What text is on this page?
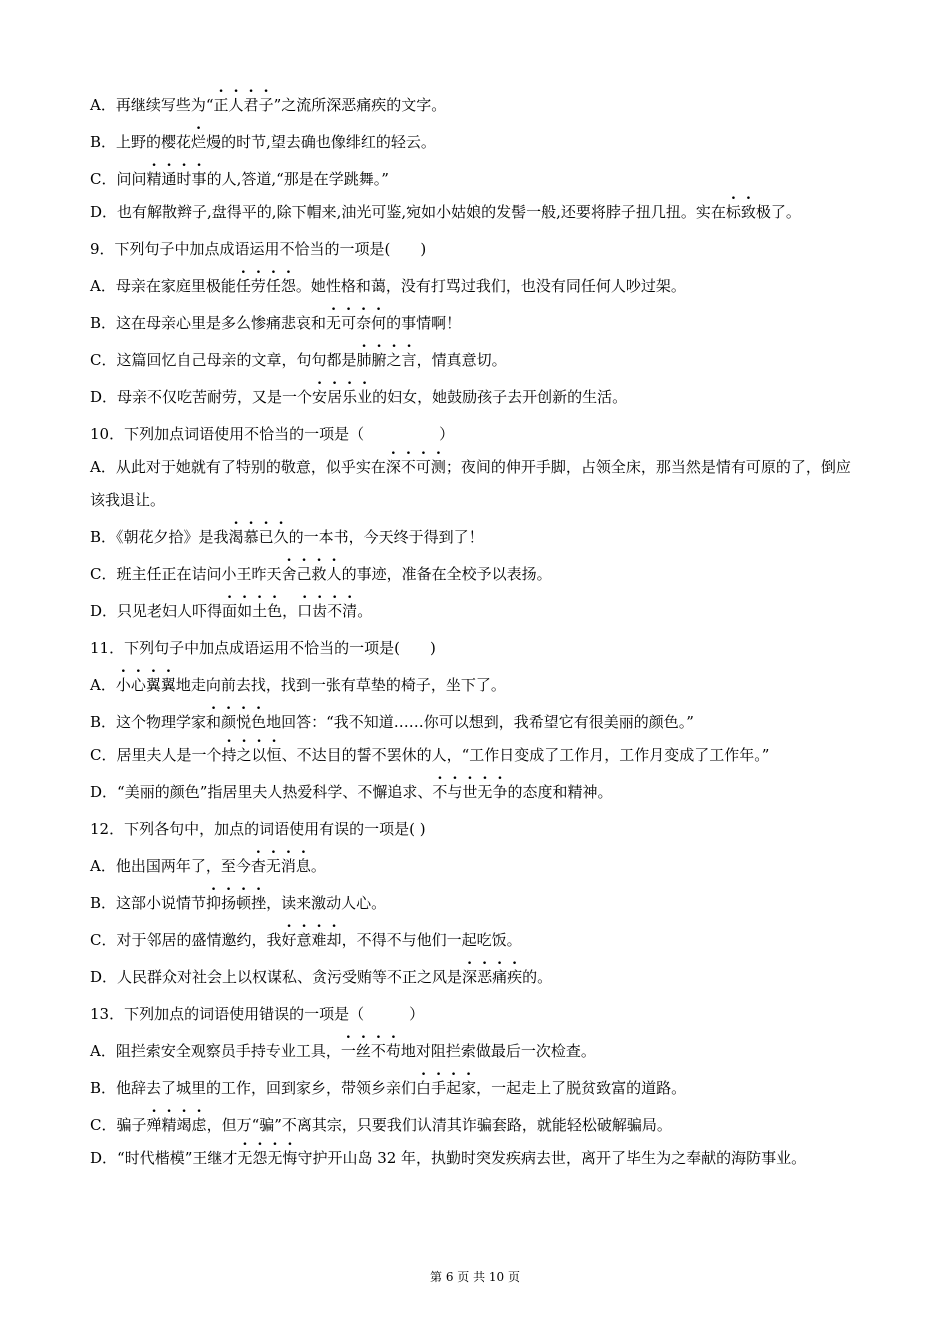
A．再继续写些为“正人君子”之流所深恶痛疾的文字。
B．上野的樱花烂熳的时节,望去确也像绯红的轻云。
C．问问精通时事的人,答道,“那是在学跳舞。”
D．也有解散辫子,盘得平的,除下帽来,油光可鉴,宛如小姑娘的发髻一般,还要将脖子扭几扭。实在标致极了。
9．下列句子中加点成语运用不恰当的一项是(　　)
A．母亲在家庭里极能任劳任怨。她性格和蔼，没有打骂过我们，也没有同任何人吵过架。
B．这在母亲心里是多么惨痛悲哀和无可奈何的事情啊！
C．这篇回忆自己母亲的文章，句句都是肺腑之言，情真意切。
D．母亲不仅吃苦耐劳，又是一个安居乐业的妇女，她鼓励孩子去开创新的生活。
10．下列加点词语使用不恰当的一项是（　　　　　）
A．从此对于她就有了特别的敬意，似乎实在深不可测；夜间的伸开手脚，占领全床，那当然是情有可原的了，倒应该我退让。
B．《朝花夕拾》是我渴慕已久的一本书，今天终于得到了！
C．班主任正在诘问小王昨天舍己救人的事迹，准备在全校予以表扬。
D．只见老妇人吓得面如土色，口齿不清。
11．下列句子中加点成语运用不恰当的一项是(　　)
A．小心翼翼地走向前去找，找到一张有草垫的椅子，坐下了。
B．这个物理学家和颜悦色地回答：“我不知道……你可以想到，我希望它有很美丽的颜色。”
C．居里夫人是一个持之以恒、不达目的誓不罢休的人，“工作日变成了工作月，工作月变成了工作年。”
D．“美丽的颜色”指居里夫人热爱科学、不懈追求、不与世无争的态度和精神。
12．下列各句中，加点的词语使用有误的一项是( )
A．他出国两年了，至今杳无消息。
B．这部小说情节抑扬顿挫，读来激动人心。
C．对于邻居的盛情邀约，我好意难却，不得不与他们一起吃饭。
D．人民群众对社会上以权谋私、贪污受贿等不正之风是深恶痛疾的。
13．下列加点的词语使用错误的一项是（　　　）
A．阻拦索安全观察员手持专业工具，一丝不苟地对阻拦索做最后一次检查。
B．他辞去了城里的工作，回到家乡，带领乡亲们白手起家，一起走上了脱贫致富的道路。
C．骗子殚精竭虑，但万“骗”不离其宗，只要我们认清其诈骗套路，就能轻松破解骗局。
D．“时代楷模”王继才无怨无悔守护开山岛 32 年，执勤时突发疾病去世，离开了毕生为之奉献的海防事业。
第 6 页 共 10 页
